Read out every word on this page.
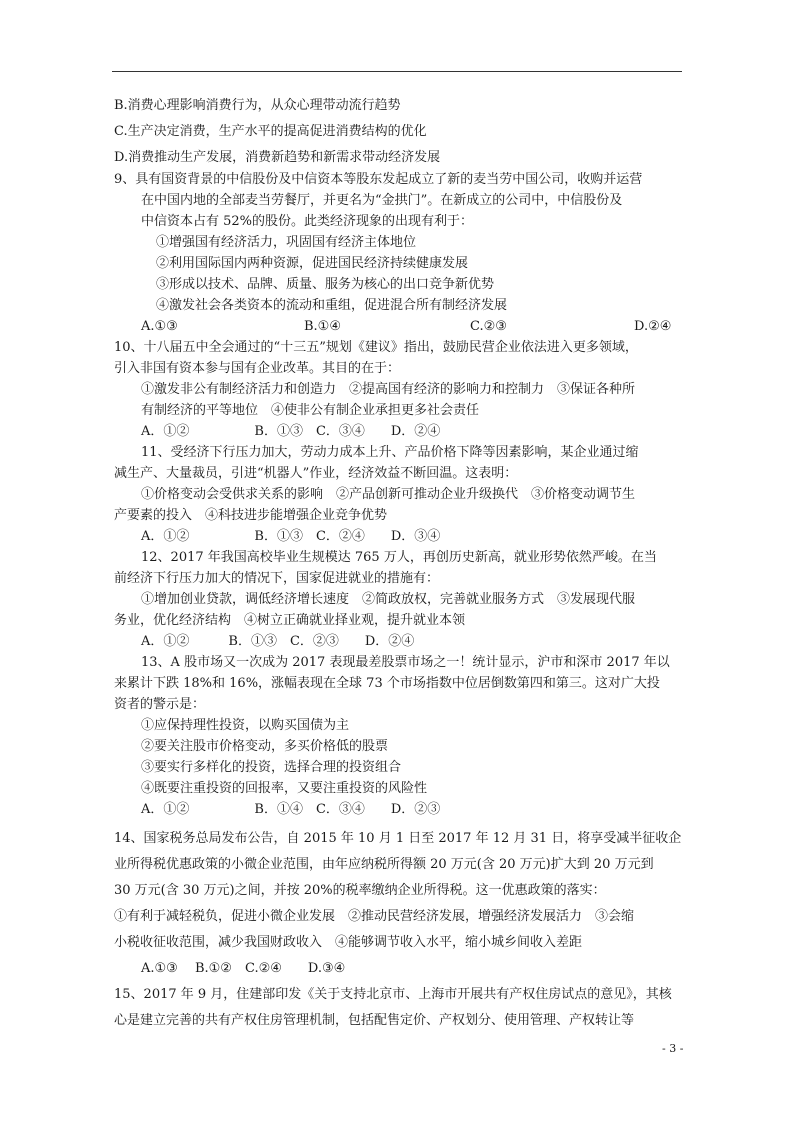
B.消费心理影响消费行为，从众心理带动流行趋势
C.生产决定消费，生产水平的提高促进消费结构的优化
D.消费推动生产发展，消费新趋势和新需求带动经济发展
9、具有国资背景的中信股份及中信资本等股东发起成立了新的麦当劳中国公司，收购并运营
在中国内地的全部麦当劳餐厅，并更名为“金拱门”。在新成立的公司中，中信股份及
中信资本占有 52%的股份。此类经济现象的出现有利于：
①增强国有经济活力，巩固国有经济主体地位
②利用国际国内两种资源，促进国民经济持续健康发展
③形成以技术、品牌、质量、服务为核心的出口竞争新优势
④激发社会各类资本的流动和重组，促进混合所有制经济发展
A.①③	B.①④	C.②③	D.②④
10、十八届五中全会通过的“十三五”规划《建议》指出，鼓励民营企业依法进入更多领域，
引入非国有资本参与国有企业改革。其目的在于：
①激发非公有制经济活力和创造力　②提高国有经济的影响力和控制力　③保证各种所
有制经济的平等地位　④使非公有制企业承担更多社会责任
A．①②　　　　　B．①③　C．③④　　D．②④
11、受经济下行压力加大，劳动力成本上升、产品价格下降等因素影响，某企业通过缩
减生产、大量裁员，引进“机器人”作业，经济效益不断回温。这表明：
①价格变动会受供求关系的影响　②产品创新可推动企业升级换代　③价格变动调节生
产要素的投入　④科技进步能增强企业竞争优势
A．①②　　　　　B．①③　C．②④　　D．③④
12、2017 年我国高校毕业生规模达 765 万人，再创历史新高，就业形势依然严峻。在当
前经济下行压力加大的情况下，国家促进就业的措施有：
①增加创业贷款，调低经济增长速度　②简政放权，完善就业服务方式　③发展现代服
务业，优化经济结构　④树立正确就业择业观，提升就业本领
A．①②　　　B．①③　C．②③　　D．②④
13、A 股市场又一次成为 2017 表现最差股票市场之一！统计显示，沪市和深市 2017 年以
来累计下跌 18%和 16%，涨幅表现在全球 73 个市场指数中位居倒数第四和第三。这对广大投
资者的警示是：
①应保持理性投资，以购买国债为主
②要关注股市价格变动，多买价格低的股票
③要实行多样化的投资，选择合理的投资组合
④既要注重投资的回报率，又要注重投资的风险性
A．①②　　　　　B．①④　C．③④　　D．②③
14、国家税务总局发布公告，自 2015 年 10 月 1 日至 2017 年 12 月 31 日，将享受减半征收企
业所得税优惠政策的小微企业范围，由年应纳税所得额 20 万元(含 20 万元)扩大到 20 万元到
30 万元(含 30 万元)之间，并按 20%的税率缴纳企业所得税。这一优惠政策的落实：
①有利于减轻税负，促进小微企业发展　②推动民营经济发展，增强经济发展活力　③会缩
小税收征收范围，减少我国财政收入　④能够调节收入水平，缩小城乡间收入差距
A.①③　 B.①②　C.②④　　D.③④
15、2017 年 9 月，住建部印发《关于支持北京市、上海市开展共有产权住房试点的意见》，其核
心是建立完善的共有产权住房管理机制，包括配售定价、产权划分、使用管理、产权转让等
- 3 -
